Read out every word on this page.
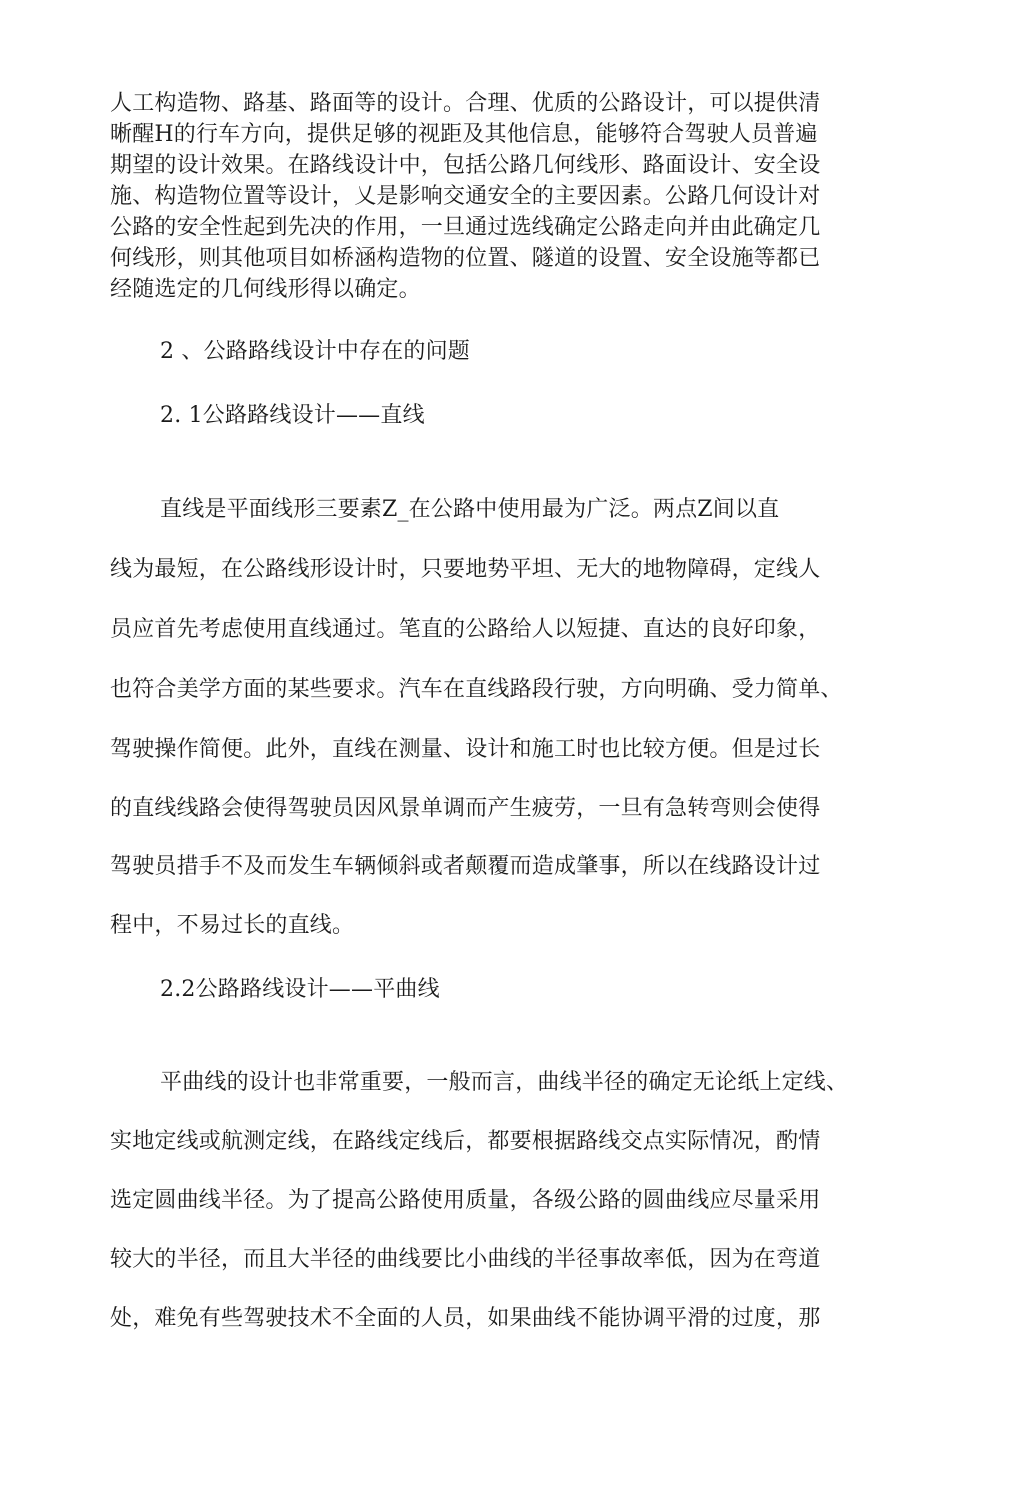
人工构造物、路基、路面等的设计。合理、优质的公路设计，可以提供清
晰醒H的行车方向，提供足够的视距及其他信息，能够符合驾驶人员普遍
期望的设计效果。在路线设计中，包括公路几何线形、路面设计、安全设
施、构造物位置等设计，乂是影响交通安全的主要因素。公路几何设计对
公路的安全性起到先决的作用，一旦通过选线确定公路走向并由此确定几
何线形，则其他项目如桥涵构造物的位置、隧道的设置、安全设施等都已
经随选定的几何线形得以确定。
2 、公路路线设计中存在的问题
2. 1公路路线设计——直线
直线是平面线形三要素Z_在公路中使用最为广泛。两点Z间以直
线为最短，在公路线形设计时，只要地势平坦、无大的地物障碍，定线人
员应首先考虑使用直线通过。笔直的公路给人以短捷、直达的良好印象，
也符合美学方面的某些要求。汽车在直线路段行驶，方向明确、受力简单、
驾驶操作简便。此外，直线在测量、设计和施工时也比较方便。但是过长
的直线线路会使得驾驶员因风景单调而产生疲劳，一旦有急转弯则会使得
驾驶员措手不及而发生车辆倾斜或者颠覆而造成肇事，所以在线路设计过
程中，不易过长的直线。
2.2公路路线设计——平曲线
平曲线的设计也非常重要，一般而言，曲线半径的确定无论纸上定线、
实地定线或航测定线，在路线定线后，都要根据路线交点实际情况，酌情
选定圆曲线半径。为了提高公路使用质量，各级公路的圆曲线应尽量采用
较大的半径，而且大半径的曲线要比小曲线的半径事故率低，因为在弯道
处，难免有些驾驶技术不全面的人员，如果曲线不能协调平滑的过度，那
